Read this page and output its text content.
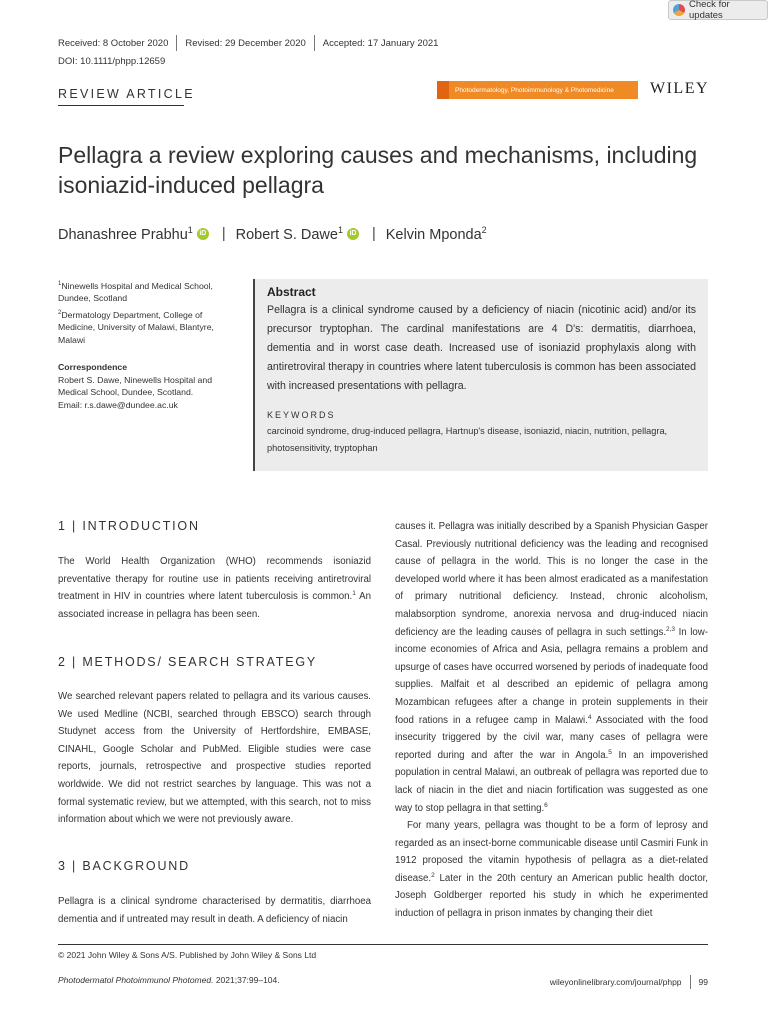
Check for updates
Received: 8 October 2020 Revised: 29 December 2020 Accepted: 17 January 2021
DOI: 10.1111/phpp.12659
REVIEW ARTICLE	Photodermatology, Photoimmunology & Photomedicine WILEY
Pellagra a review exploring causes and mechanisms, including isoniazid-induced pellagra
Dhanashree Prabhu$^1$ iD | Robert S. Dawe$^1$ iD | Kelvin Mponda$^2$
$^1$Ninewells Hospital and Medical School, Dundee, Scotland
$^2$Dermatology Department, College of Medicine, University of Malawi, Blantyre, Malawi
Correspondence
Robert S. Dawe, Ninewells Hospital and Medical School, Dundee, Scotland.
Email: r.s.dawe@dundee.ac.uk
Abstract
Pellagra is a clinical syndrome caused by a deficiency of niacin (nicotinic acid) and/or its precursor tryptophan. The cardinal manifestations are 4 D's: dermatitis, diarrhoea, dementia and in worst case death. Increased use of isoniazid prophylaxis along with antiretroviral therapy in countries where latent tuberculosis is common has been associated with increased presentations with pellagra.
KEYWORDS
carcinoid syndrome, drug-induced pellagra, Hartnup's disease, isoniazid, niacin, nutrition, pellagra, photosensitivity, tryptophan
1 | INTRODUCTION

The World Health Organization (WHO) recommends isoniazid preventative therapy for routine use in patients receiving antiretroviral treatment in HIV in countries where latent tuberculosis is common.$^1$ An associated increase in pellagra has been seen.

2 | METHODS/ SEARCH STRATEGY

We searched relevant papers related to pellagra and its various causes. We used Medline (NCBI, searched through EBSCO) search through Studynet access from the University of Hertfordshire, EMBASE, CINAHL, Google Scholar and PubMed. Eligible studies were case reports, journals, retrospective and prospective studies reported worldwide. We did not restrict searches by language. This was not a formal systematic review, but we attempted, with this search, not to miss information about which we were not previously aware.

3 | BACKGROUND

Pellagra is a clinical syndrome characterised by dermatitis, diarrhoea dementia and if untreated may result in death. A deficiency of niacin

causes it. Pellagra was initially described by a Spanish Physician Gasper Casal. Previously nutritional deficiency was the leading and recognised cause of pellagra in the world. This is no longer the case in the developed world where it has been almost eradicated as a manifestation of primary nutritional deficiency. Instead, chronic alcoholism, malabsorption syndrome, anorexia nervosa and drug-induced niacin deficiency are the leading causes of pellagra in such settings.$^{2,3}$ In low-income economies of Africa and Asia, pellagra remains a problem and upsurge of cases have occurred worsened by periods of inadequate food supplies. Malfait et al described an epidemic of pellagra among Mozambican refugees after a change in protein supplements in their food rations in a refugee camp in Malawi.$^4$ Associated with the food insecurity triggered by the civil war, many cases of pellagra were reported during and after the war in Angola.$^5$ In an impoverished population in central Malawi, an outbreak of pellagra was reported due to lack of niacin in the diet and niacin fortification was suggested as one way to stop pellagra in that setting.$^6$

For many years, pellagra was thought to be a form of leprosy and regarded as an insect-borne communicable disease until Casmiri Funk in 1912 proposed the vitamin hypothesis of pellagra as a diet-related disease.$^2$ Later in the 20th century an American public health doctor, Joseph Goldberger reported his study in which he experimented induction of pellagra in prison inmates by changing their diet

© 2021 John Wiley & Sons A/S. Published by John Wiley & Sons Ltd
Photodermatol Photoimmunol Photomed. 2021;37:99–104.	wileyonlinelibrary.com/journal/phpp 99
